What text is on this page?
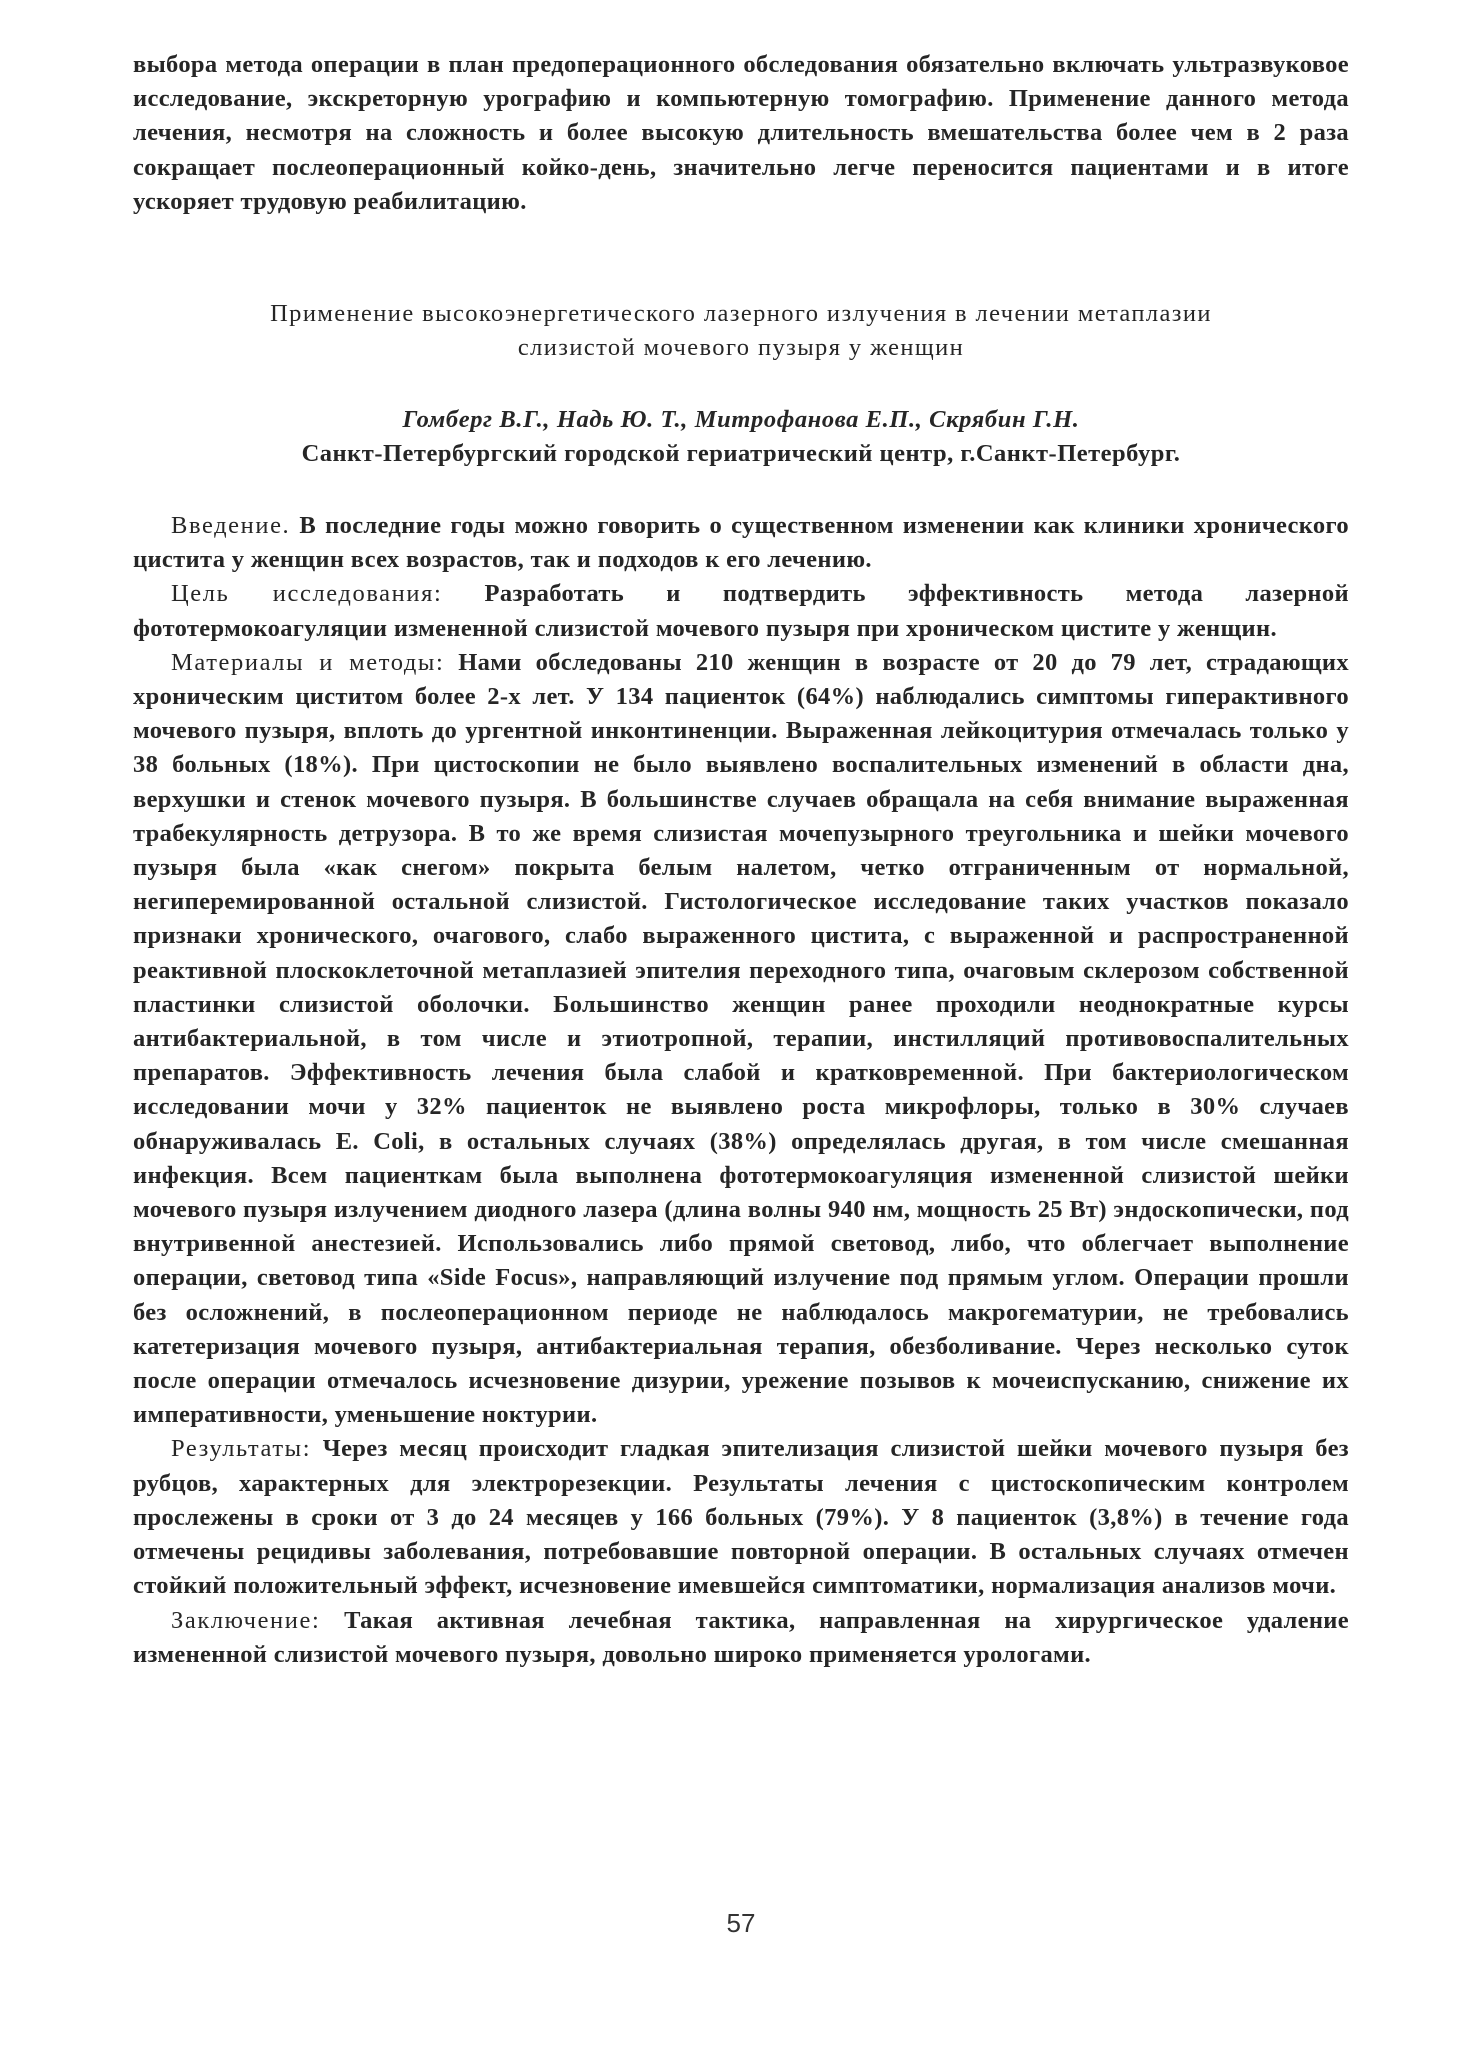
выбора метода операции в план предоперационного обследования обязательно включать ультразвуковое исследование, экскреторную урографию и компьютерную томографию. Применение данного метода лечения, несмотря на сложность и более высокую длительность вмешательства более чем в 2 раза сокращает послеоперационный койко-день, значительно легче переносится пациентами и в итоге ускоряет трудовую реабилитацию.

Применение высокоэнергетического лазерного излучения в лечении метаплазии
слизистой мочевого пузыря у женщин

Гомберг В.Г., Надь Ю. Т., Митрофанова Е.П., Скрябин Г.Н.

Санкт-Петербургский городской гериатрический центр, г.Санкт-Петербург.

Введение. В последние годы можно говорить о существенном изменении как клиники хронического цистита у женщин всех возрастов, так и подходов к его лечению.

Цель исследования: Разработать и подтвердить эффективность метода лазерной фототермокоагуляции измененной слизистой мочевого пузыря при хроническом цистите у женщин.

Материалы и методы: Нами обследованы 210 женщин в возрасте от 20 до 79 лет, страдающих хроническим циститом более 2-х лет. У 134 пациенток (64%) наблюдались симптомы гиперактивного мочевого пузыря, вплоть до ургентной инконтиненции. Выраженная лейкоцитурия отмечалась только у 38 больных (18%). При цистоскопии не было выявлено воспалительных изменений в области дна, верхушки и стенок мочевого пузыря. В большинстве случаев обращала на себя внимание выраженная трабекулярность детрузора. В то же время слизистая мочепузырного треугольника и шейки мочевого пузыря была «как снегом» покрыта белым налетом, четко отграниченным от нормальной, негиперемированной остальной слизистой. Гистологическое исследование таких участков показало признаки хронического, очагового, слабо выраженного цистита, с выраженной и распространенной реактивной плоскоклеточной метаплазией эпителия переходного типа, очаговым склерозом собственной пластинки слизистой оболочки. Большинство женщин ранее проходили неоднократные курсы антибактериальной, в том числе и этиотропной, терапии, инстилляций противовоспалительных препаратов. Эффективность лечения была слабой и кратковременной. При бактериологическом исследовании мочи у 32% пациенток не выявлено роста микрофлоры, только в 30% случаев обнаруживалась E. Coli, в остальных случаях (38%) определялась другая, в том числе смешанная инфекция. Всем пациенткам была выполнена фототермокоагуляция измененной слизистой шейки мочевого пузыря излучением диодного лазера (длина волны 940 нм, мощность 25 Вт) эндоскопически, под внутривенной анестезией. Использовались либо прямой световод, либо, что облегчает выполнение операции, световод типа «Side Focus», направляющий излучение под прямым углом. Операции прошли без осложнений, в послеоперационном периоде не наблюдалось макрогематурии, не требовались катетеризация мочевого пузыря, антибактериальная терапия, обезболивание. Через несколько суток после операции отмечалось исчезновение дизурии, урежение позывов к мочеиспусканию, снижение их императивности, уменьшение ноктурии.

Результаты: Через месяц происходит гладкая эпителизация слизистой шейки мочевого пузыря без рубцов, характерных для электрорезекции. Результаты лечения с цистоскопическим контролем прослежены в сроки от 3 до 24 месяцев у 166 больных (79%). У 8 пациенток (3,8%) в течение года отмечены рецидивы заболевания, потребовавшие повторной операции. В остальных случаях отмечен стойкий положительный эффект, исчезновение имевшейся симптоматики, нормализация анализов мочи.

Заключение: Такая активная лечебная тактика, направленная на хирургическое удаление измененной слизистой мочевого пузыря, довольно широко применяется урологами.

57
